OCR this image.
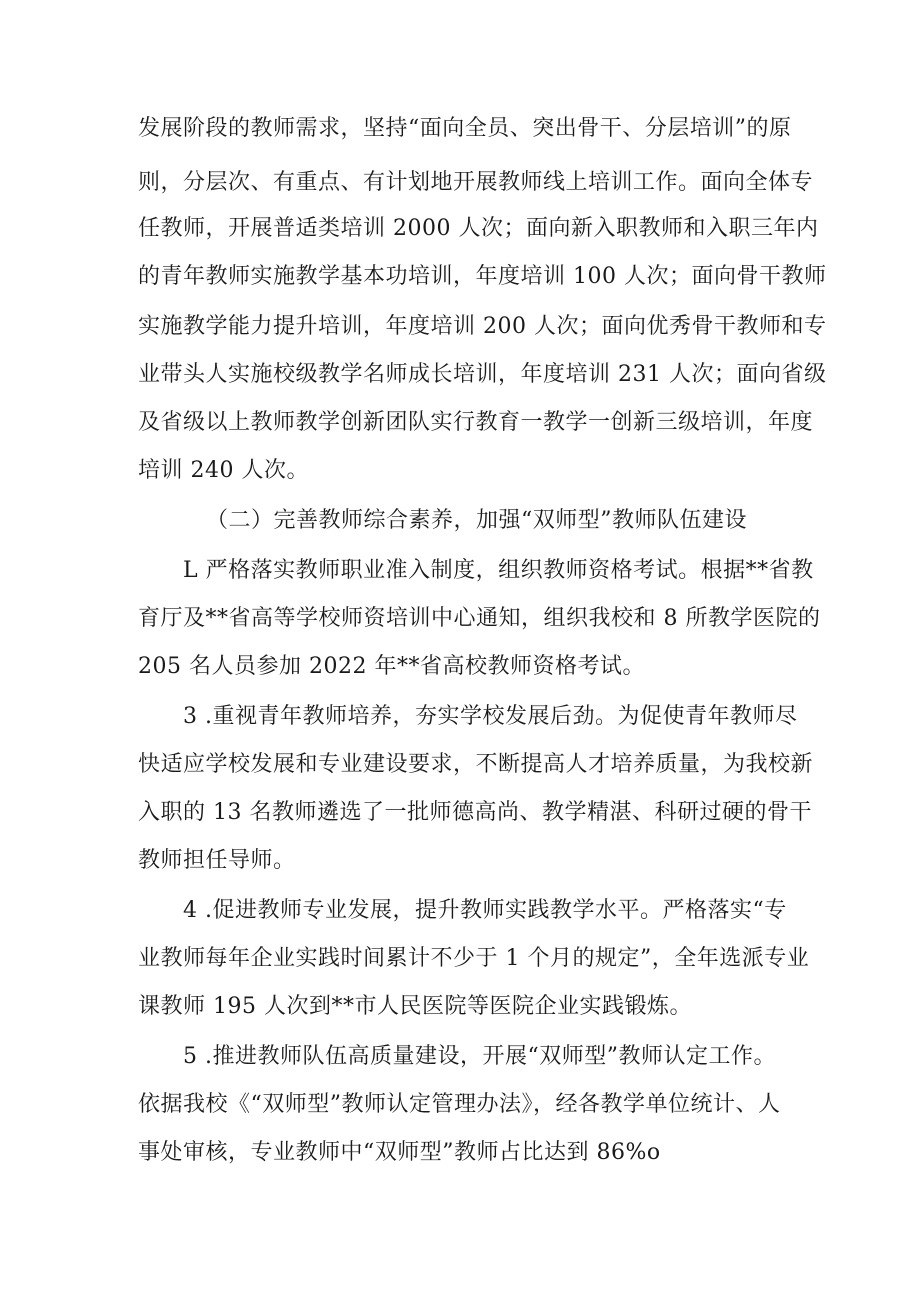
发展阶段的教师需求，坚持“面向全员、突出骨干、分层培训”的原
则，分层次、有重点、有计划地开展教师线上培训工作。面向全体专
任教师，开展普适类培训 2000 人次；面向新入职教师和入职三年内
的青年教师实施教学基本功培训，年度培训 100 人次；面向骨干教师
实施教学能力提升培训，年度培训 200 人次；面向优秀骨干教师和专
业带头人实施校级教学名师成长培训，年度培训 231 人次；面向省级
及省级以上教师教学创新团队实行教育一教学一创新三级培训，年度
培训 240 人次。
（二）完善教师综合素养，加强“双师型”教师队伍建设
L 严格落实教师职业准入制度，组织教师资格考试。根据**省教
育厅及**省高等学校师资培训中心通知，组织我校和 8 所教学医院的
205 名人员参加 2022 年**省高校教师资格考试。
3 .重视青年教师培养，夯实学校发展后劲。为促使青年教师尽
快适应学校发展和专业建设要求，不断提高人才培养质量，为我校新
入职的 13 名教师遴选了一批师德高尚、教学精湛、科研过硬的骨干
教师担任导师。
4 .促进教师专业发展，提升教师实践教学水平。严格落实“专
业教师每年企业实践时间累计不少于 1 个月的规定”，全年选派专业
课教师 195 人次到**市人民医院等医院企业实践锻炼。
5 .推进教师队伍高质量建设，开展“双师型”教师认定工作。
依据我校《“双师型”教师认定管理办法》，经各教学单位统计、人
事处审核，专业教师中“双师型”教师占比达到 86%o
